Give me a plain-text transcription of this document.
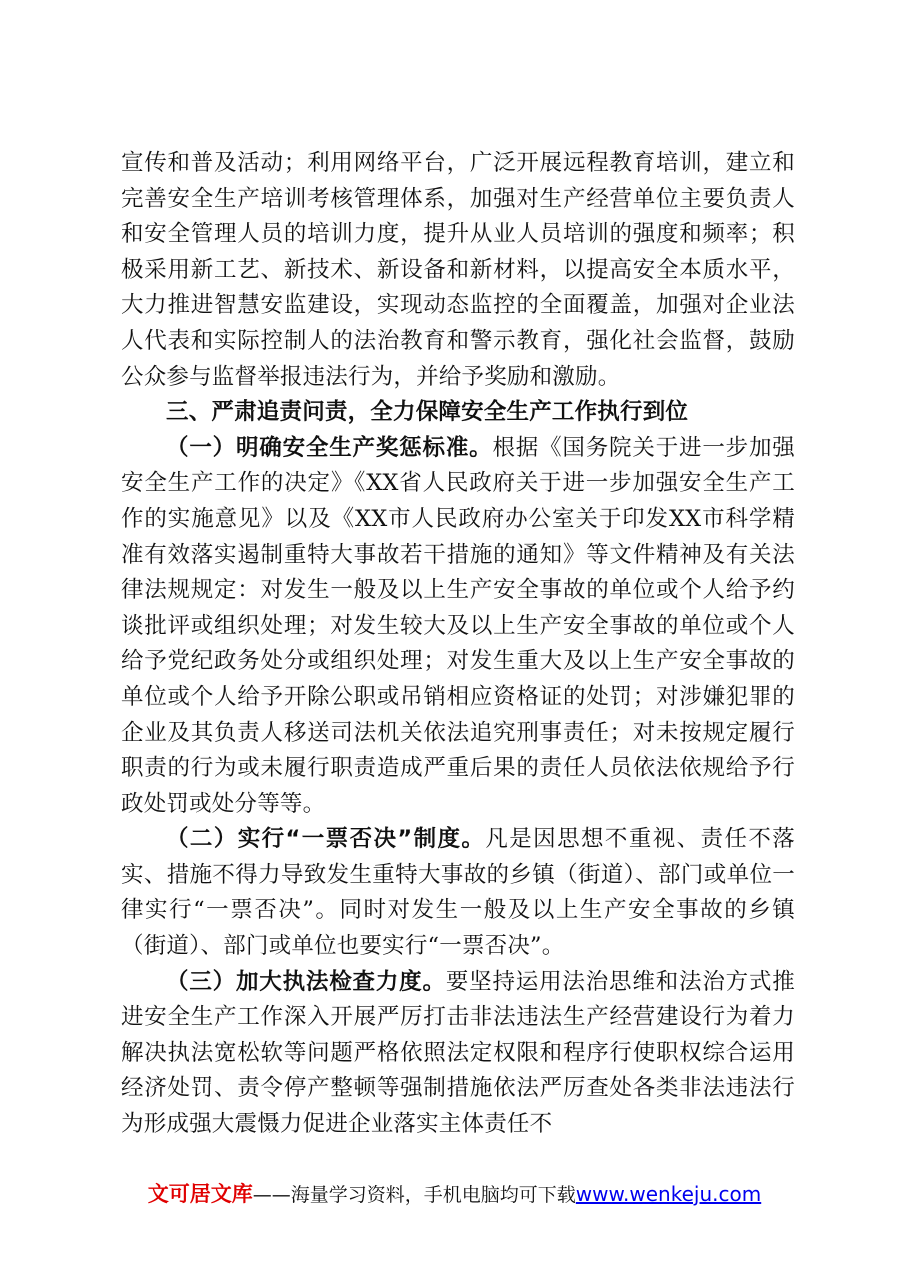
宣传和普及活动；利用网络平台，广泛开展远程教育培训，建立和完善安全生产培训考核管理体系，加强对生产经营单位主要负责人和安全管理人员的培训力度，提升从业人员培训的强度和频率；积极采用新工艺、新技术、新设备和新材料，以提高安全本质水平，大力推进智慧安监建设，实现动态监控的全面覆盖，加强对企业法人代表和实际控制人的法治教育和警示教育，强化社会监督，鼓励公众参与监督举报违法行为，并给予奖励和激励。

三、严肃追责问责，全力保障安全生产工作执行到位

（一）明确安全生产奖惩标准。根据《国务院关于进一步加强安全生产工作的决定》《XX省人民政府关于进一步加强安全生产工作的实施意见》以及《XX市人民政府办公室关于印发XX市科学精准有效落实遏制重特大事故若干措施的通知》等文件精神及有关法律法规规定：对发生一般及以上生产安全事故的单位或个人给予约谈批评或组织处理；对发生较大及以上生产安全事故的单位或个人给予党纪政务处分或组织处理；对发生重大及以上生产安全事故的单位或个人给予开除公职或吊销相应资格证的处罚；对涉嫌犯罪的企业及其负责人移送司法机关依法追究刑事责任；对未按规定履行职责的行为或未履行职责造成严重后果的责任人员依法依规给予行政处罚或处分等等。

（二）实行“一票否决”制度。凡是因思想不重视、责任不落实、措施不得力导致发生重特大事故的乡镇（街道）、部门或单位一律实行“一票否决”。同时对发生一般及以上生产安全事故的乡镇（街道）、部门或单位也要实行“一票否决”。

（三）加大执法检查力度。要坚持运用法治思维和法治方式推进安全生产工作深入开展严厉打击非法违法生产经营建设行为着力解决执法宽松软等问题严格依照法定权限和程序行使职权综合运用经济处罚、责令停产整顿等强制措施依法严厉查处各类非法违法行为形成强大震慑力促进企业落实主体责任不

文可居文库——海量学习资料，手机电脑均可下载www.wenkeju.com
